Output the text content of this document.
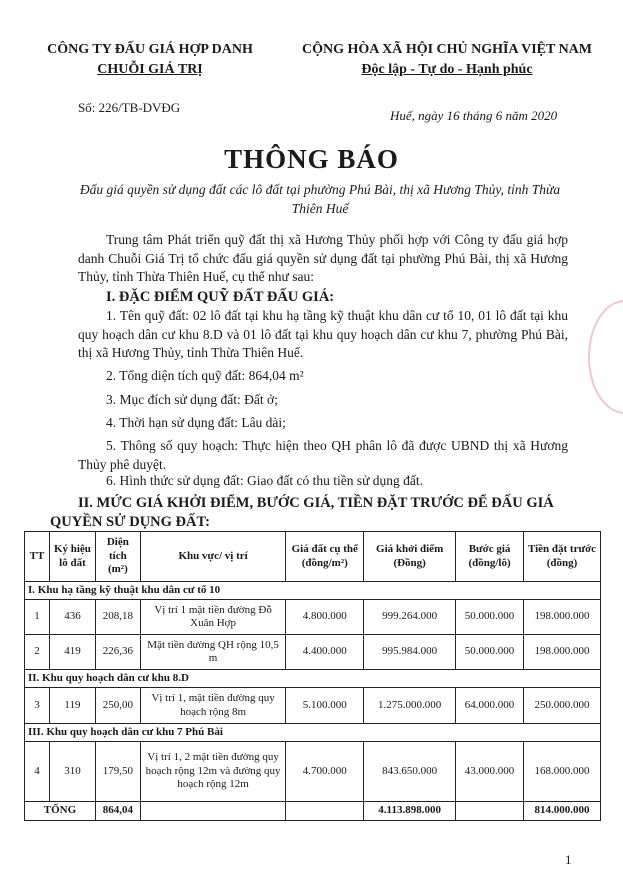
CÔNG TY ĐẤU GIÁ HỢP DANH
CHUỖI GIÁ TRỊ
CỘNG HÒA XÃ HỘI CHỦ NGHĨA VIỆT NAM
Độc lập - Tự do - Hạnh phúc
Số: 226/TB-DVĐG
Huế, ngày 16 tháng 6 năm 2020
THÔNG BÁO
Đấu giá quyền sử dụng đất các lô đất tại phường Phú Bài, thị xã Hương Thủy, tỉnh Thừa Thiên Huế
Trung tâm Phát triển quỹ đất thị xã Hương Thủy phối hợp với Công ty đấu giá hợp danh Chuỗi Giá Trị tổ chức đấu giá quyền sử dụng đất tại phường Phú Bài, thị xã Hương Thủy, tỉnh Thừa Thiên Huế, cụ thể như sau:
I. ĐẶC ĐIỂM QUỸ ĐẤT ĐẤU GIÁ:
1. Tên quỹ đất: 02 lô đất tại khu hạ tầng kỹ thuật khu dân cư tổ 10, 01 lô đất tại khu quy hoạch dân cư khu 8.D và 01 lô đất tại khu quy hoạch dân cư khu 7, phường Phú Bài, thị xã Hương Thủy, tỉnh Thừa Thiên Huế.
2. Tổng diện tích quỹ đất: 864,04 m²
3. Mục đích sử dụng đất: Đất ở;
4. Thời hạn sử dụng đất: Lâu dài;
5. Thông số quy hoạch: Thực hiện theo QH phân lô đã được UBND thị xã Hương Thủy phê duyệt.
6. Hình thức sử dụng đất: Giao đất có thu tiền sử dụng đất.
II. MỨC GIÁ KHỞI ĐIỂM, BƯỚC GIÁ, TIỀN ĐẶT TRƯỚC ĐỂ ĐẤU GIÁ QUYỀN SỬ DỤNG ĐẤT:
TT	Ký hiệu lô đất	Diện tích (m²)	Khu vực/ vị trí	Giá đất cụ thể (đồng/m²)	Giá khởi điểm (Đồng)	Bước giá (đồng/lô)	Tiền đặt trước (đồng)
I. Khu hạ tầng kỹ thuật khu dân cư tổ 10							
1	436	208,18	Vị trí 1 mặt tiền đường Đỗ Xuân Hợp	4.800.000	999.264.000	50.000.000	198.000.000
2	419	226,36	Mặt tiền đường QH rộng 10,5 m	4.400.000	995.984.000	50.000.000	198.000.000
II. Khu quy hoạch dân cư khu 8.D							
3	119	250,00	Vị trí 1, mặt tiền đường quy hoạch rộng 8m	5.100.000	1.275.000.000	64.000.000	250.000.000
III. Khu quy hoạch dân cư khu 7 Phú Bài							
4	310	179,50	Vị trí 1, 2 mặt tiền đường quy hoạch rộng 12m và đường quy hoạch rộng 12m	4.700.000	843.650.000	43.000.000	168.000.000
TỔNG		864,04			4.113.898.000		814.000.000
1
